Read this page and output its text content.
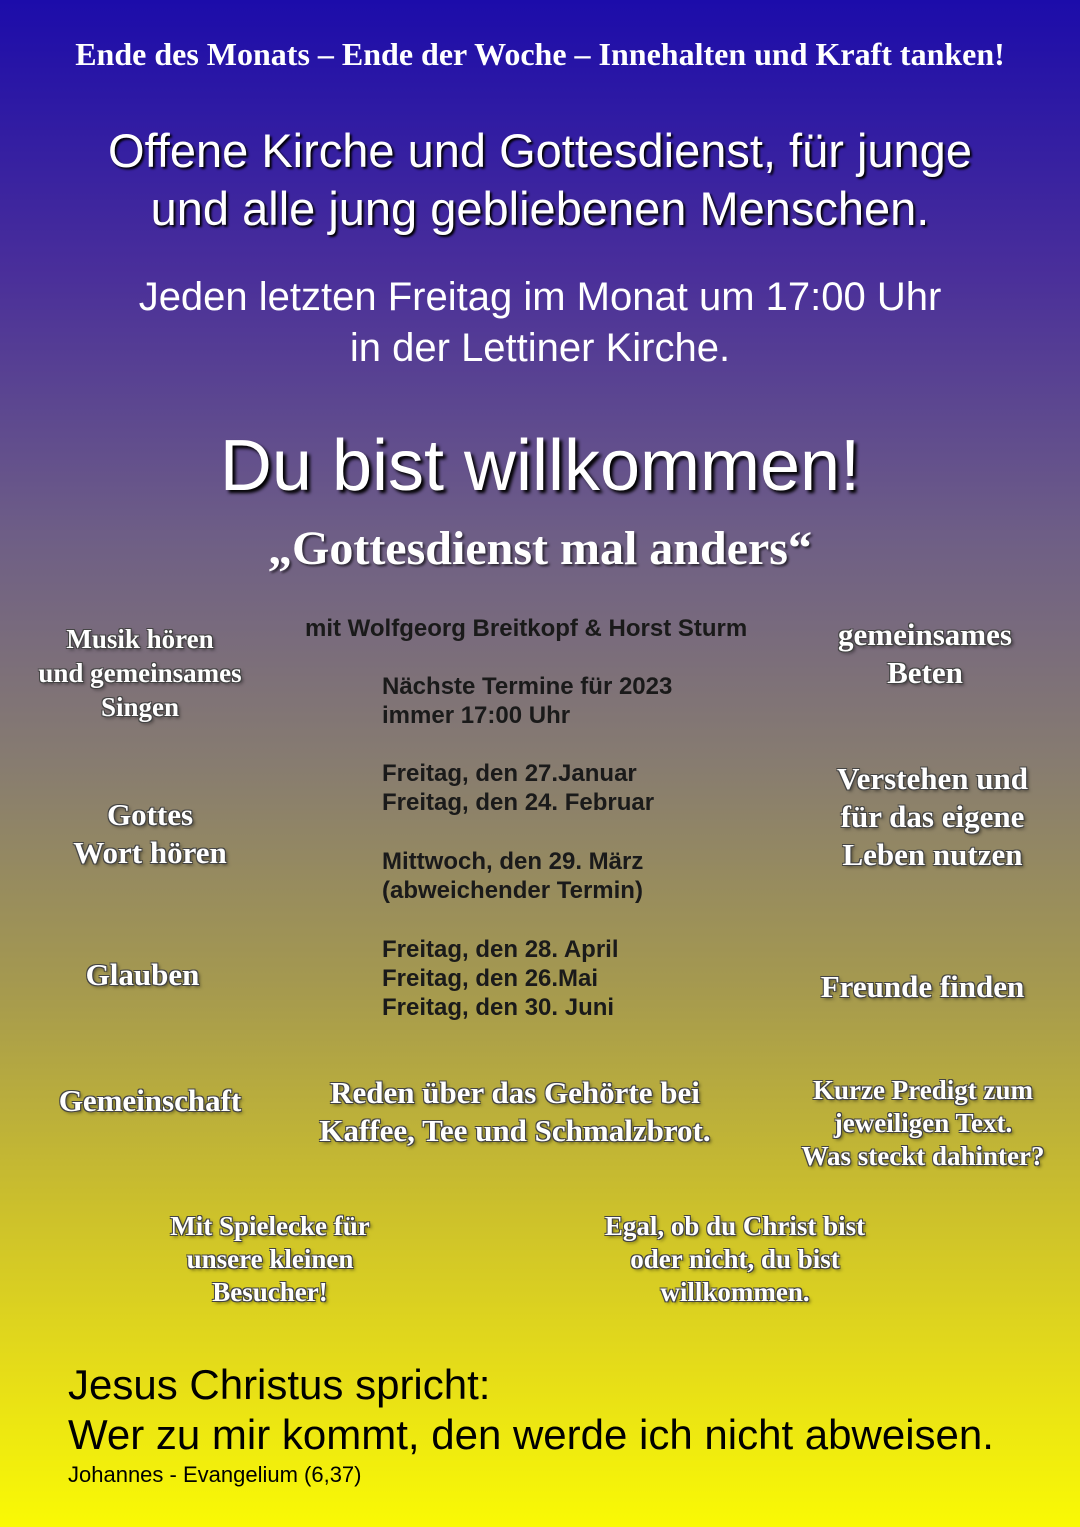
Ende des Monats – Ende der Woche – Innehalten und Kraft tanken!
Offene Kirche und Gottesdienst, für junge
und alle jung gebliebenen Menschen.
Jeden letzten Freitag im Monat um 17:00 Uhr
in der Lettiner Kirche.
Du bist willkommen!
„Gottesdienst mal anders“
mit Wolfgeorg Breitkopf & Horst Sturm
Nächste Termine für 2023
immer 17:00 Uhr
Freitag, den 27.Januar
Freitag, den 24. Februar
Mittwoch, den 29. März
(abweichender Termin)
Freitag, den 28. April
Freitag, den 26.Mai
Freitag, den 30. Juni
Musik hören
und gemeinsames
Singen
Gottes
Wort hören
Glauben
Gemeinschaft
gemeinsames
Beten
Verstehen und
für das eigene
Leben nutzen
Freunde finden
Kurze Predigt zum
jeweiligen Text.
Was steckt dahinter?
Reden über das Gehörte bei
Kaffee, Tee und Schmalzbrot.
Mit Spielecke für
unsere kleinen
Besucher!
Egal, ob du Christ bist
oder nicht, du bist
willkommen.
Jesus Christus spricht:
Wer zu mir kommt, den werde ich nicht abweisen.
Johannes - Evangelium (6,37)
